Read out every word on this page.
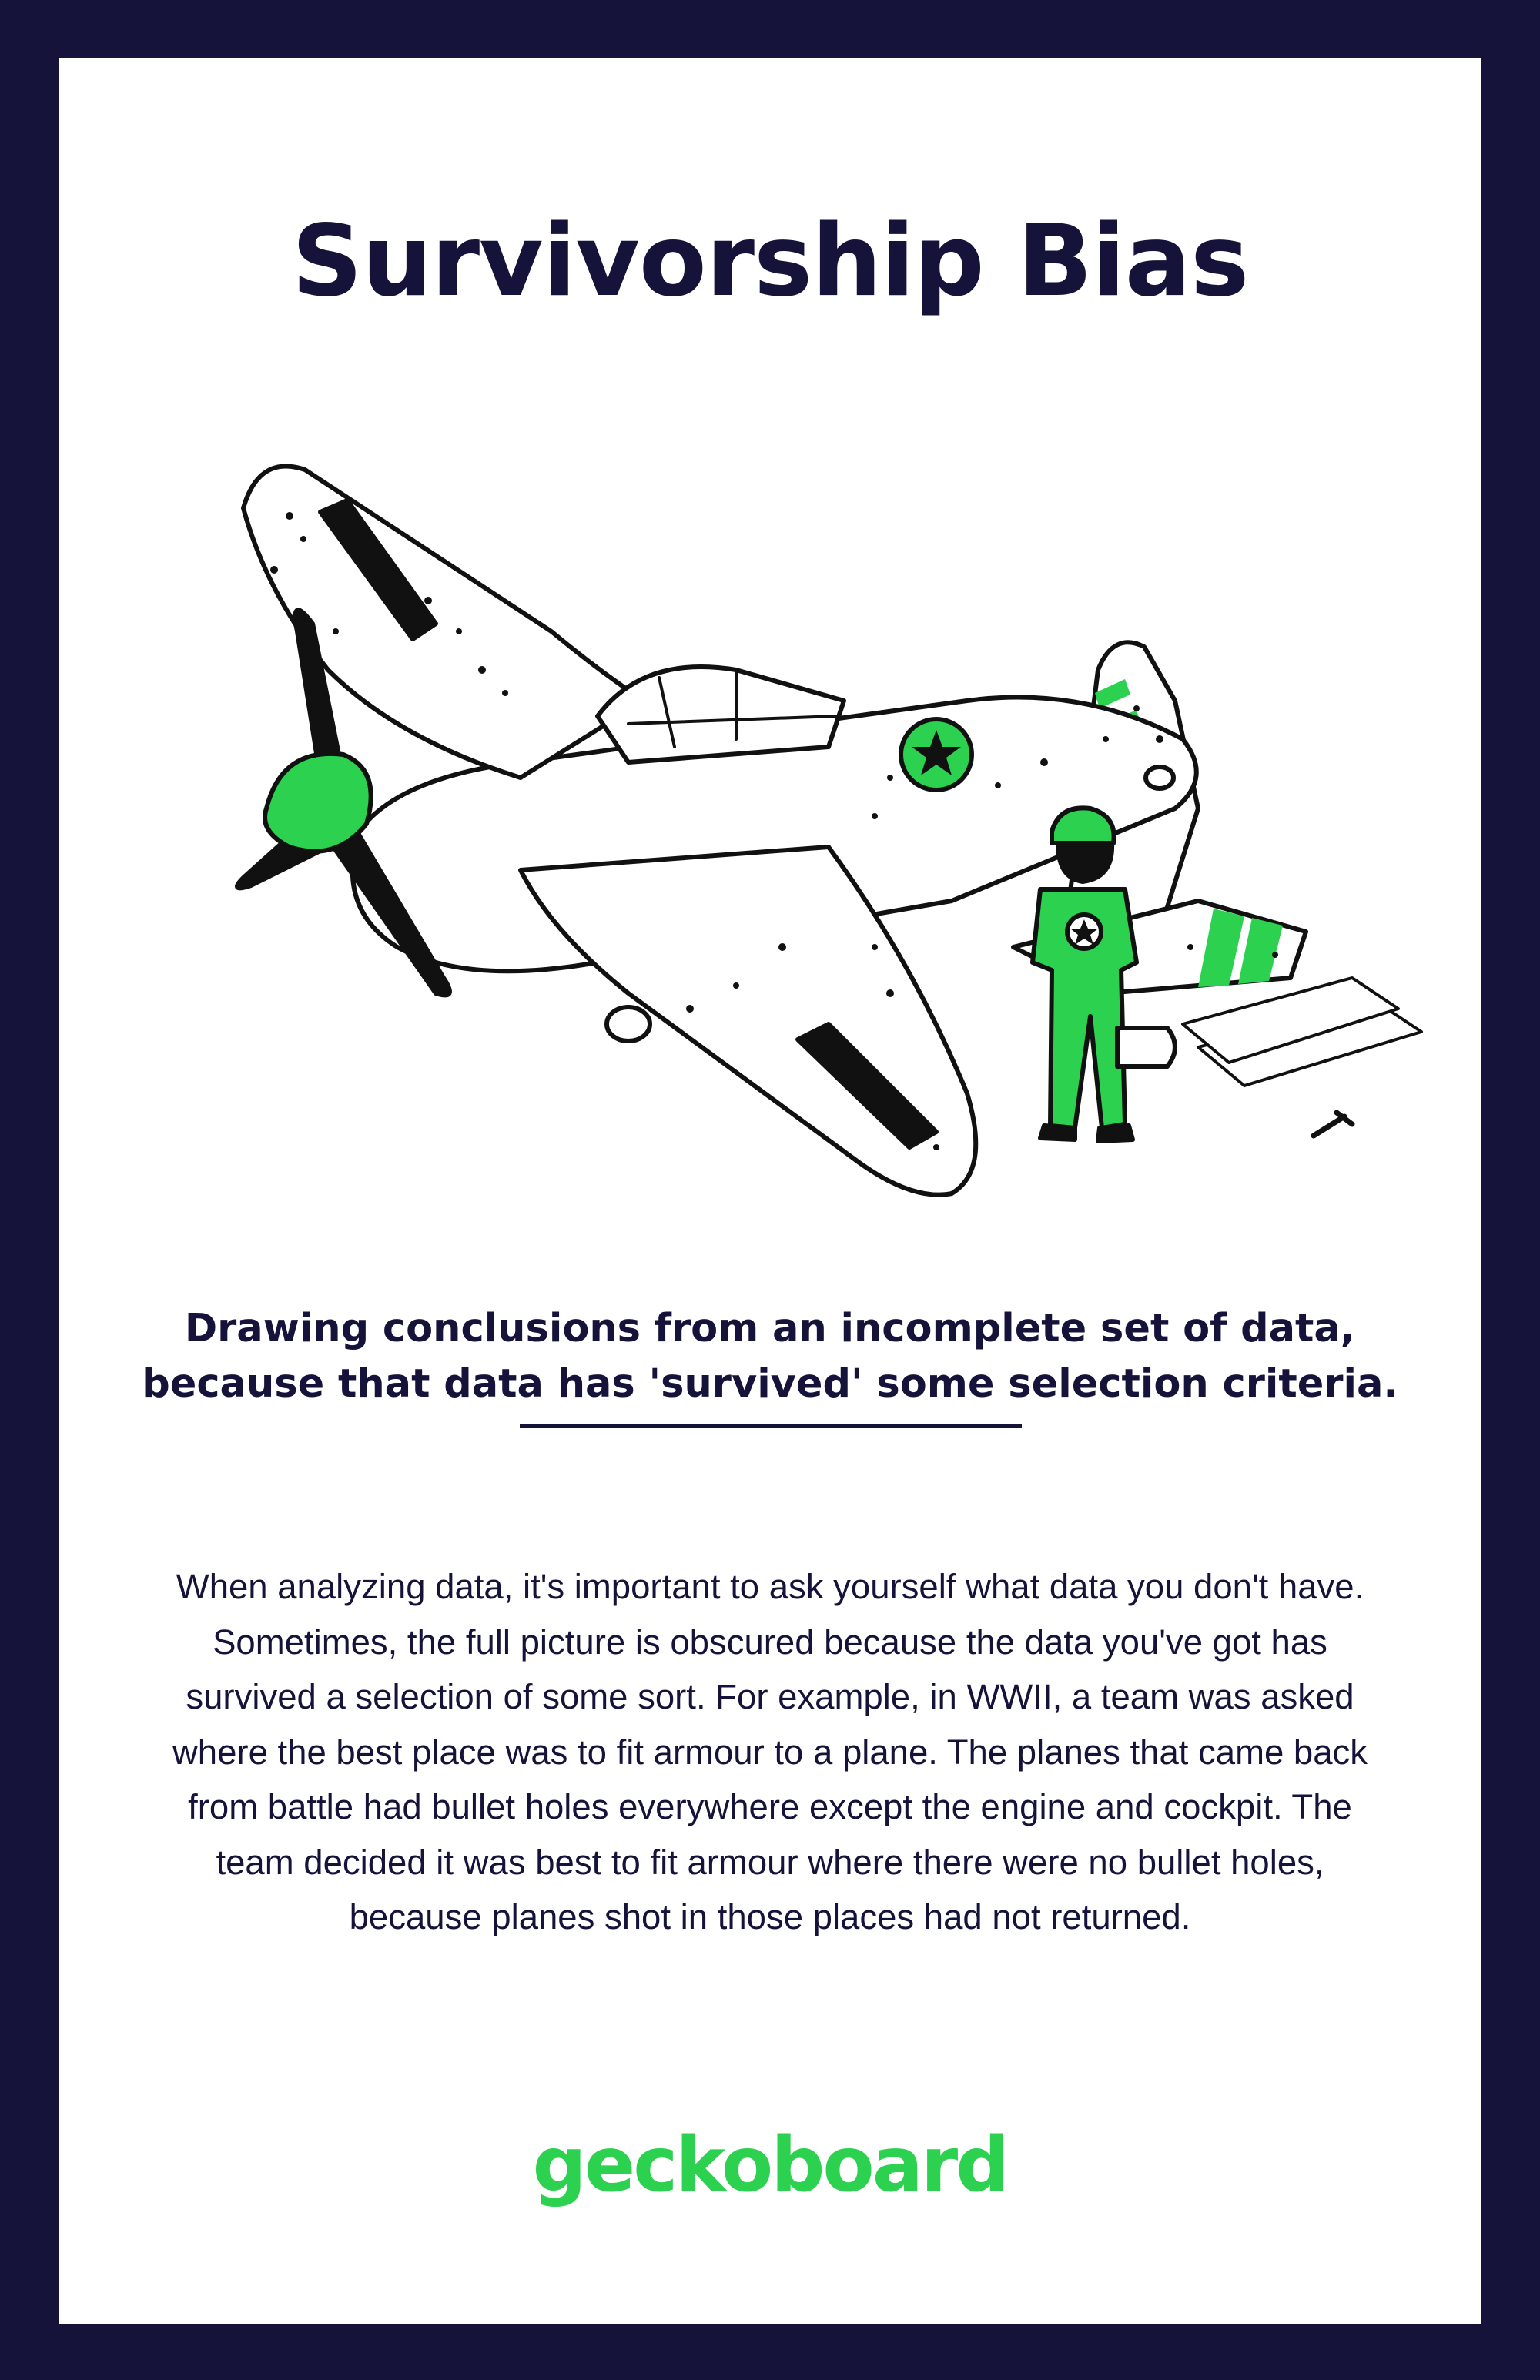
Survivorship Bias

Drawing conclusions from an incomplete set of data, because that data has 'survived' some selection criteria.

When analyzing data, it's important to ask yourself what data you don't have. Sometimes, the full picture is obscured because the data you've got has survived a selection of some sort. For example, in WWII, a team was asked where the best place was to fit armour to a plane. The planes that came back from battle had bullet holes everywhere except the engine and cockpit. The team decided it was best to fit armour where there were no bullet holes, because planes shot in those places had not returned.

geckoboard
